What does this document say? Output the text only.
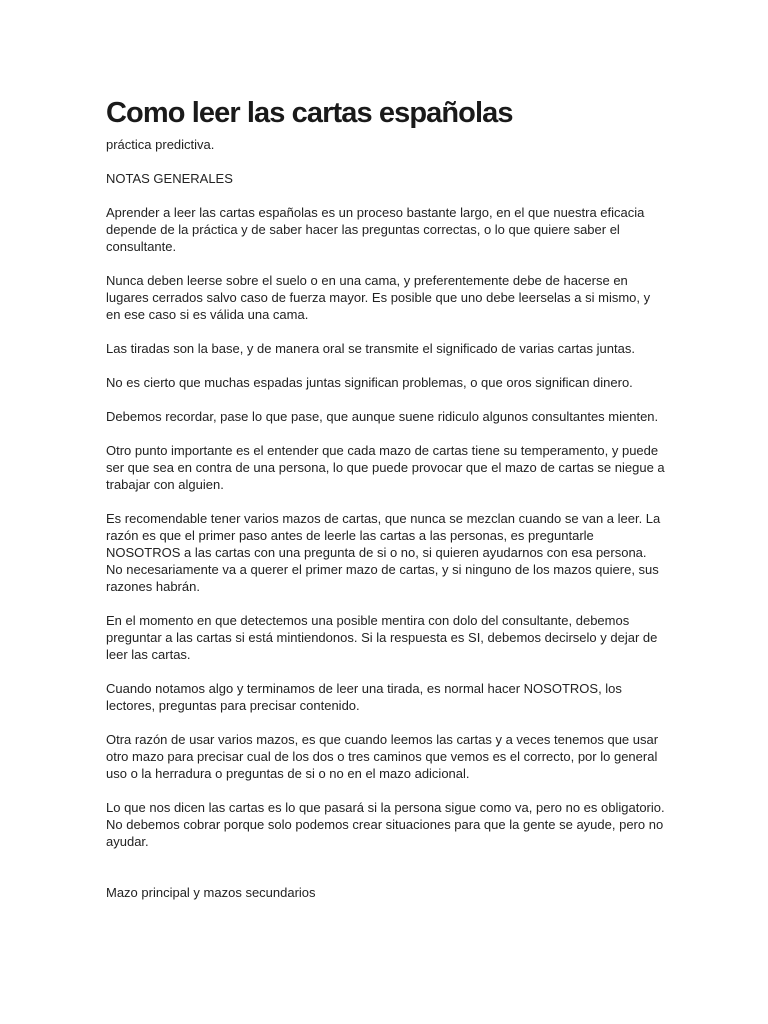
Como leer las cartas españolas

práctica predictiva.

NOTAS GENERALES

Aprender a leer las cartas españolas es un proceso bastante largo, en el que nuestra eficacia depende de la práctica y de saber hacer las preguntas correctas, o lo que quiere saber el consultante.

Nunca deben leerse sobre el suelo o en una cama, y preferentemente debe de hacerse en lugares cerrados salvo caso de fuerza mayor. Es posible que uno debe leerselas a si mismo, y en ese caso si es válida una cama.

Las tiradas son la base, y de manera oral se transmite el significado de varias cartas juntas.

No es cierto que muchas espadas juntas significan problemas, o que oros significan dinero.

Debemos recordar, pase lo que pase, que aunque suene ridiculo algunos consultantes mienten.

Otro punto importante es el entender que cada mazo de cartas tiene su temperamento, y puede ser que sea en contra de una persona, lo que puede provocar que el mazo de cartas se niegue a trabajar con alguien.

Es recomendable tener varios mazos de cartas, que nunca se mezclan cuando se van a leer. La razón es que el primer paso antes de leerle las cartas a las personas, es preguntarle NOSOTROS a las cartas con una pregunta de si o no, si quieren ayudarnos con esa persona. No necesariamente va a querer el primer mazo de cartas, y si ninguno de los mazos quiere, sus razones habrán.

En el momento en que detectemos una posible mentira con dolo del consultante, debemos preguntar a las cartas si está mintiendonos. Si la respuesta es SI, debemos decirselo y dejar de leer las cartas.

Cuando notamos algo y terminamos de leer una tirada, es normal hacer NOSOTROS, los lectores, preguntas para precisar contenido.

Otra razón de usar varios mazos, es que cuando leemos las cartas y a veces tenemos que usar otro mazo para precisar cual de los dos o tres caminos que vemos es el correcto, por lo general uso o la herradura o preguntas de si o no en el mazo adicional.

Lo que nos dicen las cartas es lo que pasará si la persona sigue como va, pero no es obligatorio. No debemos cobrar porque solo podemos crear situaciones para que la gente se ayude, pero no ayudar.

Mazo principal y mazos secundarios
